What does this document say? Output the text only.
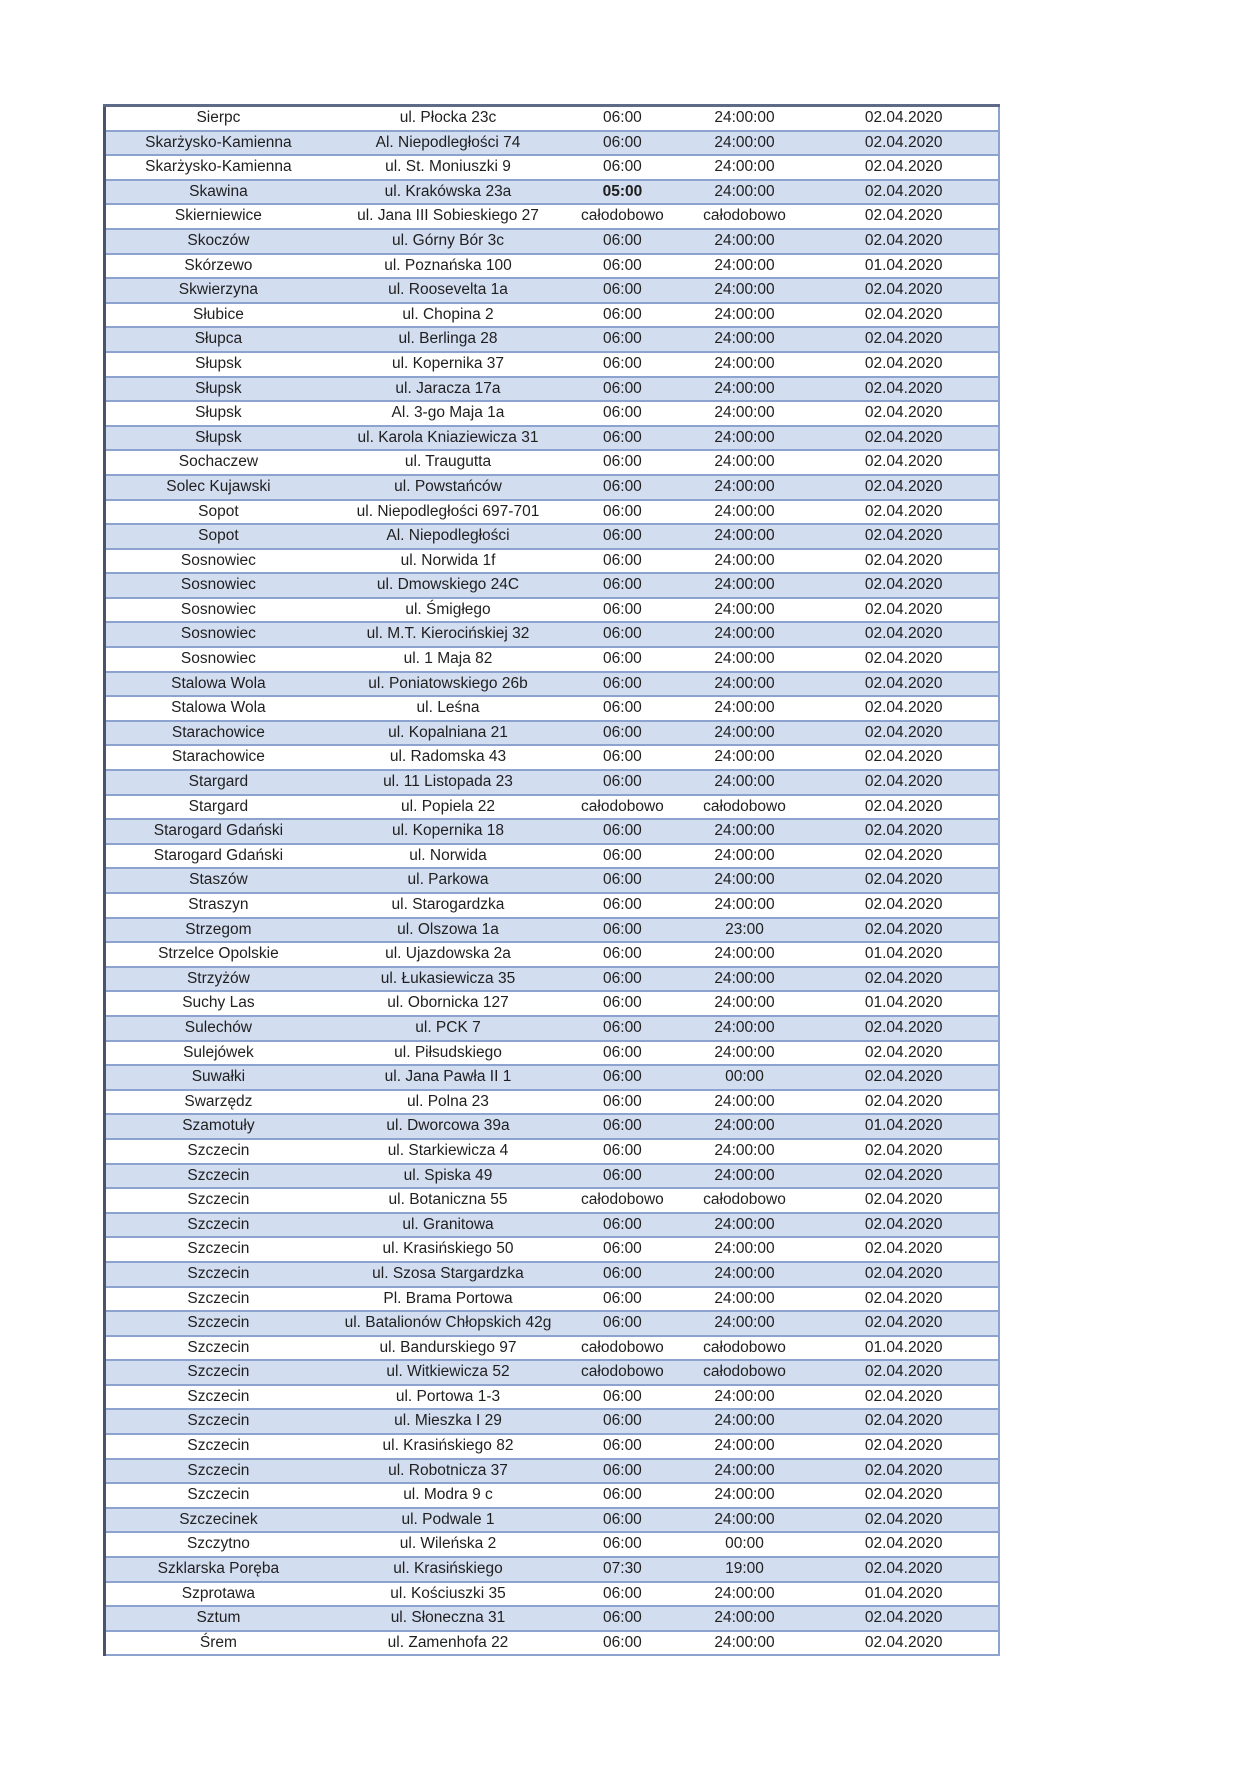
Sierpc	ul. Płocka 23c	06:00	24:00:00	02.04.2020
Skarżysko-Kamienna	Al. Niepodległości 74	06:00	24:00:00	02.04.2020
Skarżysko-Kamienna	ul. St. Moniuszki 9	06:00	24:00:00	02.04.2020
Skawina	ul. Krakówska 23a	05:00	24:00:00	02.04.2020
Skierniewice	ul. Jana III Sobieskiego 27	całodobowo	całodobowo	02.04.2020
Skoczów	ul. Górny Bór 3c	06:00	24:00:00	02.04.2020
Skórzewo	ul. Poznańska 100	06:00	24:00:00	01.04.2020
Skwierzyna	ul. Roosevelta 1a	06:00	24:00:00	02.04.2020
Słubice	ul. Chopina 2	06:00	24:00:00	02.04.2020
Słupca	ul. Berlinga 28	06:00	24:00:00	02.04.2020
Słupsk	ul. Kopernika 37	06:00	24:00:00	02.04.2020
Słupsk	ul. Jaracza 17a	06:00	24:00:00	02.04.2020
Słupsk	Al. 3-go Maja 1a	06:00	24:00:00	02.04.2020
Słupsk	ul. Karola Kniaziewicza 31	06:00	24:00:00	02.04.2020
Sochaczew	ul. Traugutta	06:00	24:00:00	02.04.2020
Solec Kujawski	ul. Powstańców	06:00	24:00:00	02.04.2020
Sopot	ul. Niepodległości 697-701	06:00	24:00:00	02.04.2020
Sopot	Al. Niepodległości	06:00	24:00:00	02.04.2020
Sosnowiec	ul. Norwida 1f	06:00	24:00:00	02.04.2020
Sosnowiec	ul. Dmowskiego 24C	06:00	24:00:00	02.04.2020
Sosnowiec	ul. Śmigłego	06:00	24:00:00	02.04.2020
Sosnowiec	ul. M.T. Kierocińskiej 32	06:00	24:00:00	02.04.2020
Sosnowiec	ul. 1 Maja 82	06:00	24:00:00	02.04.2020
Stalowa Wola	ul. Poniatowskiego 26b	06:00	24:00:00	02.04.2020
Stalowa Wola	ul. Leśna	06:00	24:00:00	02.04.2020
Starachowice	ul. Kopalniana 21	06:00	24:00:00	02.04.2020
Starachowice	ul. Radomska 43	06:00	24:00:00	02.04.2020
Stargard	ul. 11 Listopada 23	06:00	24:00:00	02.04.2020
Stargard	ul. Popiela 22	całodobowo	całodobowo	02.04.2020
Starogard Gdański	ul. Kopernika 18	06:00	24:00:00	02.04.2020
Starogard Gdański	ul. Norwida	06:00	24:00:00	02.04.2020
Staszów	ul. Parkowa	06:00	24:00:00	02.04.2020
Straszyn	ul. Starogardzka	06:00	24:00:00	02.04.2020
Strzegom	ul. Olszowa 1a	06:00	23:00	02.04.2020
Strzelce Opolskie	ul. Ujazdowska 2a	06:00	24:00:00	01.04.2020
Strzyżów	ul. Łukasiewicza 35	06:00	24:00:00	02.04.2020
Suchy Las	ul. Obornicka 127	06:00	24:00:00	01.04.2020
Sulechów	ul. PCK 7	06:00	24:00:00	02.04.2020
Sulejówek	ul. Piłsudskiego	06:00	24:00:00	02.04.2020
Suwałki	ul. Jana Pawła II 1	06:00	00:00	02.04.2020
Swarzędz	ul. Polna 23	06:00	24:00:00	02.04.2020
Szamotuły	ul. Dworcowa 39a	06:00	24:00:00	01.04.2020
Szczecin	ul. Starkiewicza 4	06:00	24:00:00	02.04.2020
Szczecin	ul. Spiska 49	06:00	24:00:00	02.04.2020
Szczecin	ul. Botaniczna 55	całodobowo	całodobowo	02.04.2020
Szczecin	ul. Granitowa	06:00	24:00:00	02.04.2020
Szczecin	ul. Krasińskiego 50	06:00	24:00:00	02.04.2020
Szczecin	ul. Szosa Stargardzka	06:00	24:00:00	02.04.2020
Szczecin	Pl. Brama Portowa	06:00	24:00:00	02.04.2020
Szczecin	ul. Batalionów Chłopskich 42g	06:00	24:00:00	02.04.2020
Szczecin	ul. Bandurskiego 97	całodobowo	całodobowo	01.04.2020
Szczecin	ul. Witkiewicza 52	całodobowo	całodobowo	02.04.2020
Szczecin	ul. Portowa 1-3	06:00	24:00:00	02.04.2020
Szczecin	ul. Mieszka I 29	06:00	24:00:00	02.04.2020
Szczecin	ul. Krasińskiego 82	06:00	24:00:00	02.04.2020
Szczecin	ul. Robotnicza 37	06:00	24:00:00	02.04.2020
Szczecin	ul. Modra 9 c	06:00	24:00:00	02.04.2020
Szczecinek	ul. Podwale 1	06:00	24:00:00	02.04.2020
Szczytno	ul. Wileńska 2	06:00	00:00	02.04.2020
Szklarska Poręba	ul. Krasińskiego	07:30	19:00	02.04.2020
Szprotawa	ul. Kościuszki 35	06:00	24:00:00	01.04.2020
Sztum	ul. Słoneczna 31	06:00	24:00:00	02.04.2020
Śrem	ul. Zamenhofa 22	06:00	24:00:00	02.04.2020
